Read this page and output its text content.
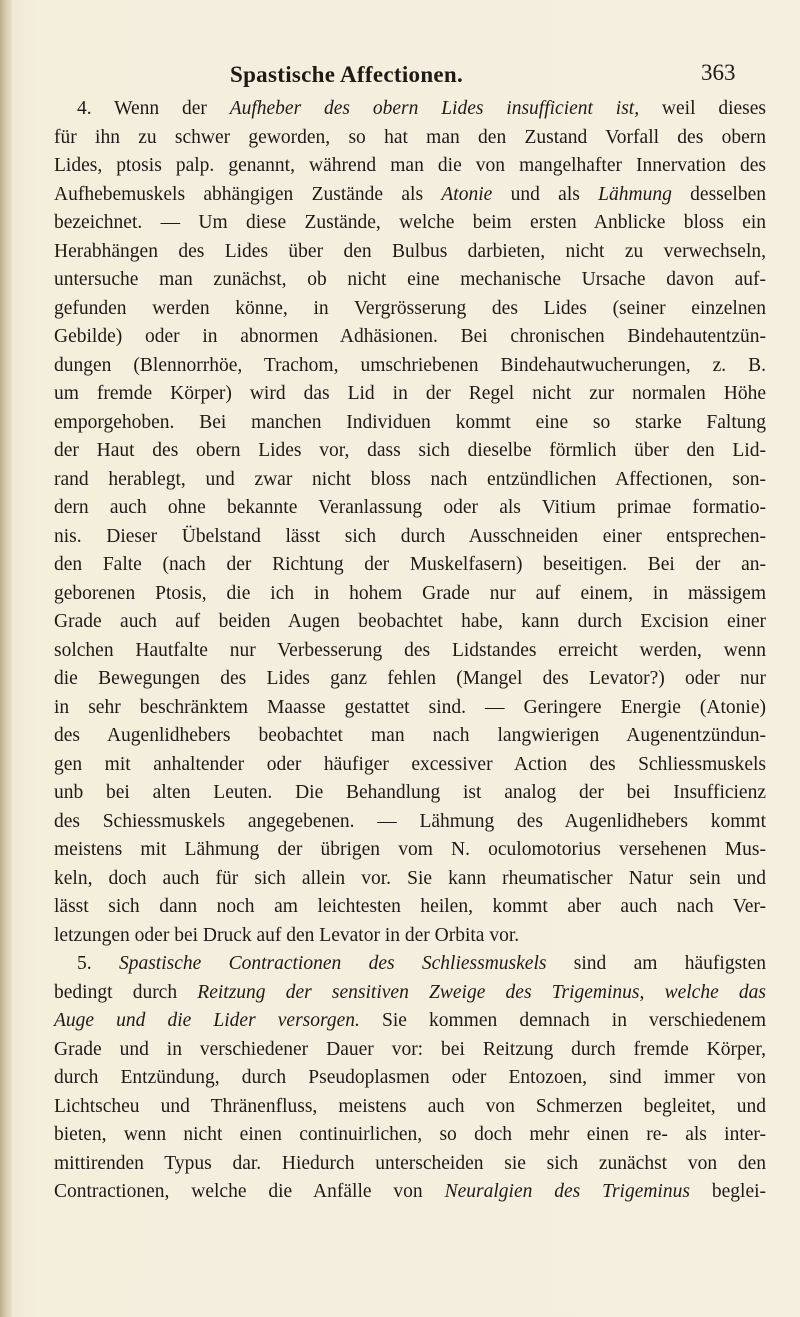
Spastische Affectionen.	363
4. Wenn der Aufheber des obern Lides insufficient ist, weil dieses
für ihn zu schwer geworden, so hat man den Zustand Vorfall des obern
Lides, ptosis palp. genannt, während man die von mangelhafter Innervation des
Aufhebemuskels abhängigen Zustände als Atonie und als Lähmung desselben
bezeichnet. — Um diese Zustände, welche beim ersten Anblicke bloss ein
Herabhängen des Lides über den Bulbus darbieten, nicht zu verwechseln,
untersuche man zunächst, ob nicht eine mechanische Ursache davon auf-
gefunden werden könne, in Vergrösserung des Lides (seiner einzelnen
Gebilde) oder in abnormen Adhäsionen. Bei chronischen Bindehautentzün-
dungen (Blennorrhöe, Trachom, umschriebenen Bindehautwucherungen, z. B.
um fremde Körper) wird das Lid in der Regel nicht zur normalen Höhe
emporgehoben. Bei manchen Individuen kommt eine so starke Faltung
der Haut des obern Lides vor, dass sich dieselbe förmlich über den Lid-
rand herablegt, und zwar nicht bloss nach entzündlichen Affectionen, son-
dern auch ohne bekannte Veranlassung oder als Vitium primae formatio-
nis. Dieser Übelstand lässt sich durch Ausschneiden einer entsprechen-
den Falte (nach der Richtung der Muskelfasern) beseitigen. Bei der an-
geborenen Ptosis, die ich in hohem Grade nur auf einem, in mässigem
Grade auch auf beiden Augen beobachtet habe, kann durch Excision einer
solchen Hautfalte nur Verbesserung des Lidstandes erreicht werden, wenn
die Bewegungen des Lides ganz fehlen (Mangel des Levator?) oder nur
in sehr beschränktem Maasse gestattet sind. — Geringere Energie (Atonie)
des Augenlidhebers beobachtet man nach langwierigen Augenentzündun-
gen mit anhaltender oder häufiger excessiver Action des Schliessmuskels
unb bei alten Leuten. Die Behandlung ist analog der bei Insufficienz
des Schiessmuskels angegebenen. — Lähmung des Augenlidhebers kommt
meistens mit Lähmung der übrigen vom N. oculomotorius versehenen Mus-
keln, doch auch für sich allein vor. Sie kann rheumatischer Natur sein und
lässt sich dann noch am leichtesten heilen, kommt aber auch nach Ver-
letzungen oder bei Druck auf den Levator in der Orbita vor.
5. Spastische Contractionen des Schliessmuskels sind am häufigsten
bedingt durch Reitzung der sensitiven Zweige des Trigeminus, welche das
Auge und die Lider versorgen. Sie kommen demnach in verschiedenem
Grade und in verschiedener Dauer vor: bei Reitzung durch fremde Körper,
durch Entzündung, durch Pseudoplasmen oder Entozoen, sind immer von
Lichtscheu und Thränenfluss, meistens auch von Schmerzen begleitet, und
bieten, wenn nicht einen continuirlichen, so doch mehr einen re- als inter-
mittirenden Typus dar. Hiedurch unterscheiden sie sich zunächst von den
Contractionen, welche die Anfälle von Neuralgien des Trigeminus beglei-
